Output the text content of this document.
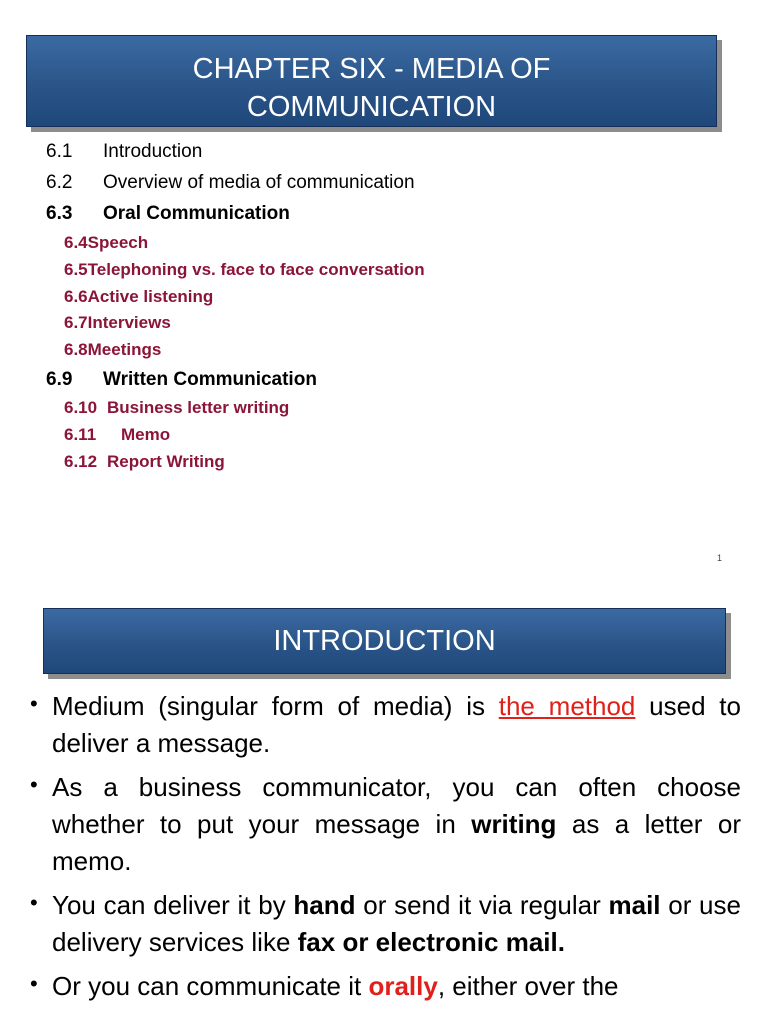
CHAPTER SIX - MEDIA OF
COMMUNICATION
6.1 Introduction
6.2 Overview of media of communication
6.3 Oral Communication
6.4Speech
6.5Telephoning vs. face to face conversation
6.6Active listening
6.7Interviews
6.8Meetings
6.9 Written Communication
6.10 Business letter writing
6.11 Memo
6.12 Report Writing
1
INTRODUCTION
• Medium (singular form of media) is the method used to deliver a message.
• As a business communicator, you can often choose whether to put your message in writing as a letter or memo.
• You can deliver it by hand or send it via regular mail or use delivery services like fax or electronic mail.
• Or you can communicate it orally, either over the
